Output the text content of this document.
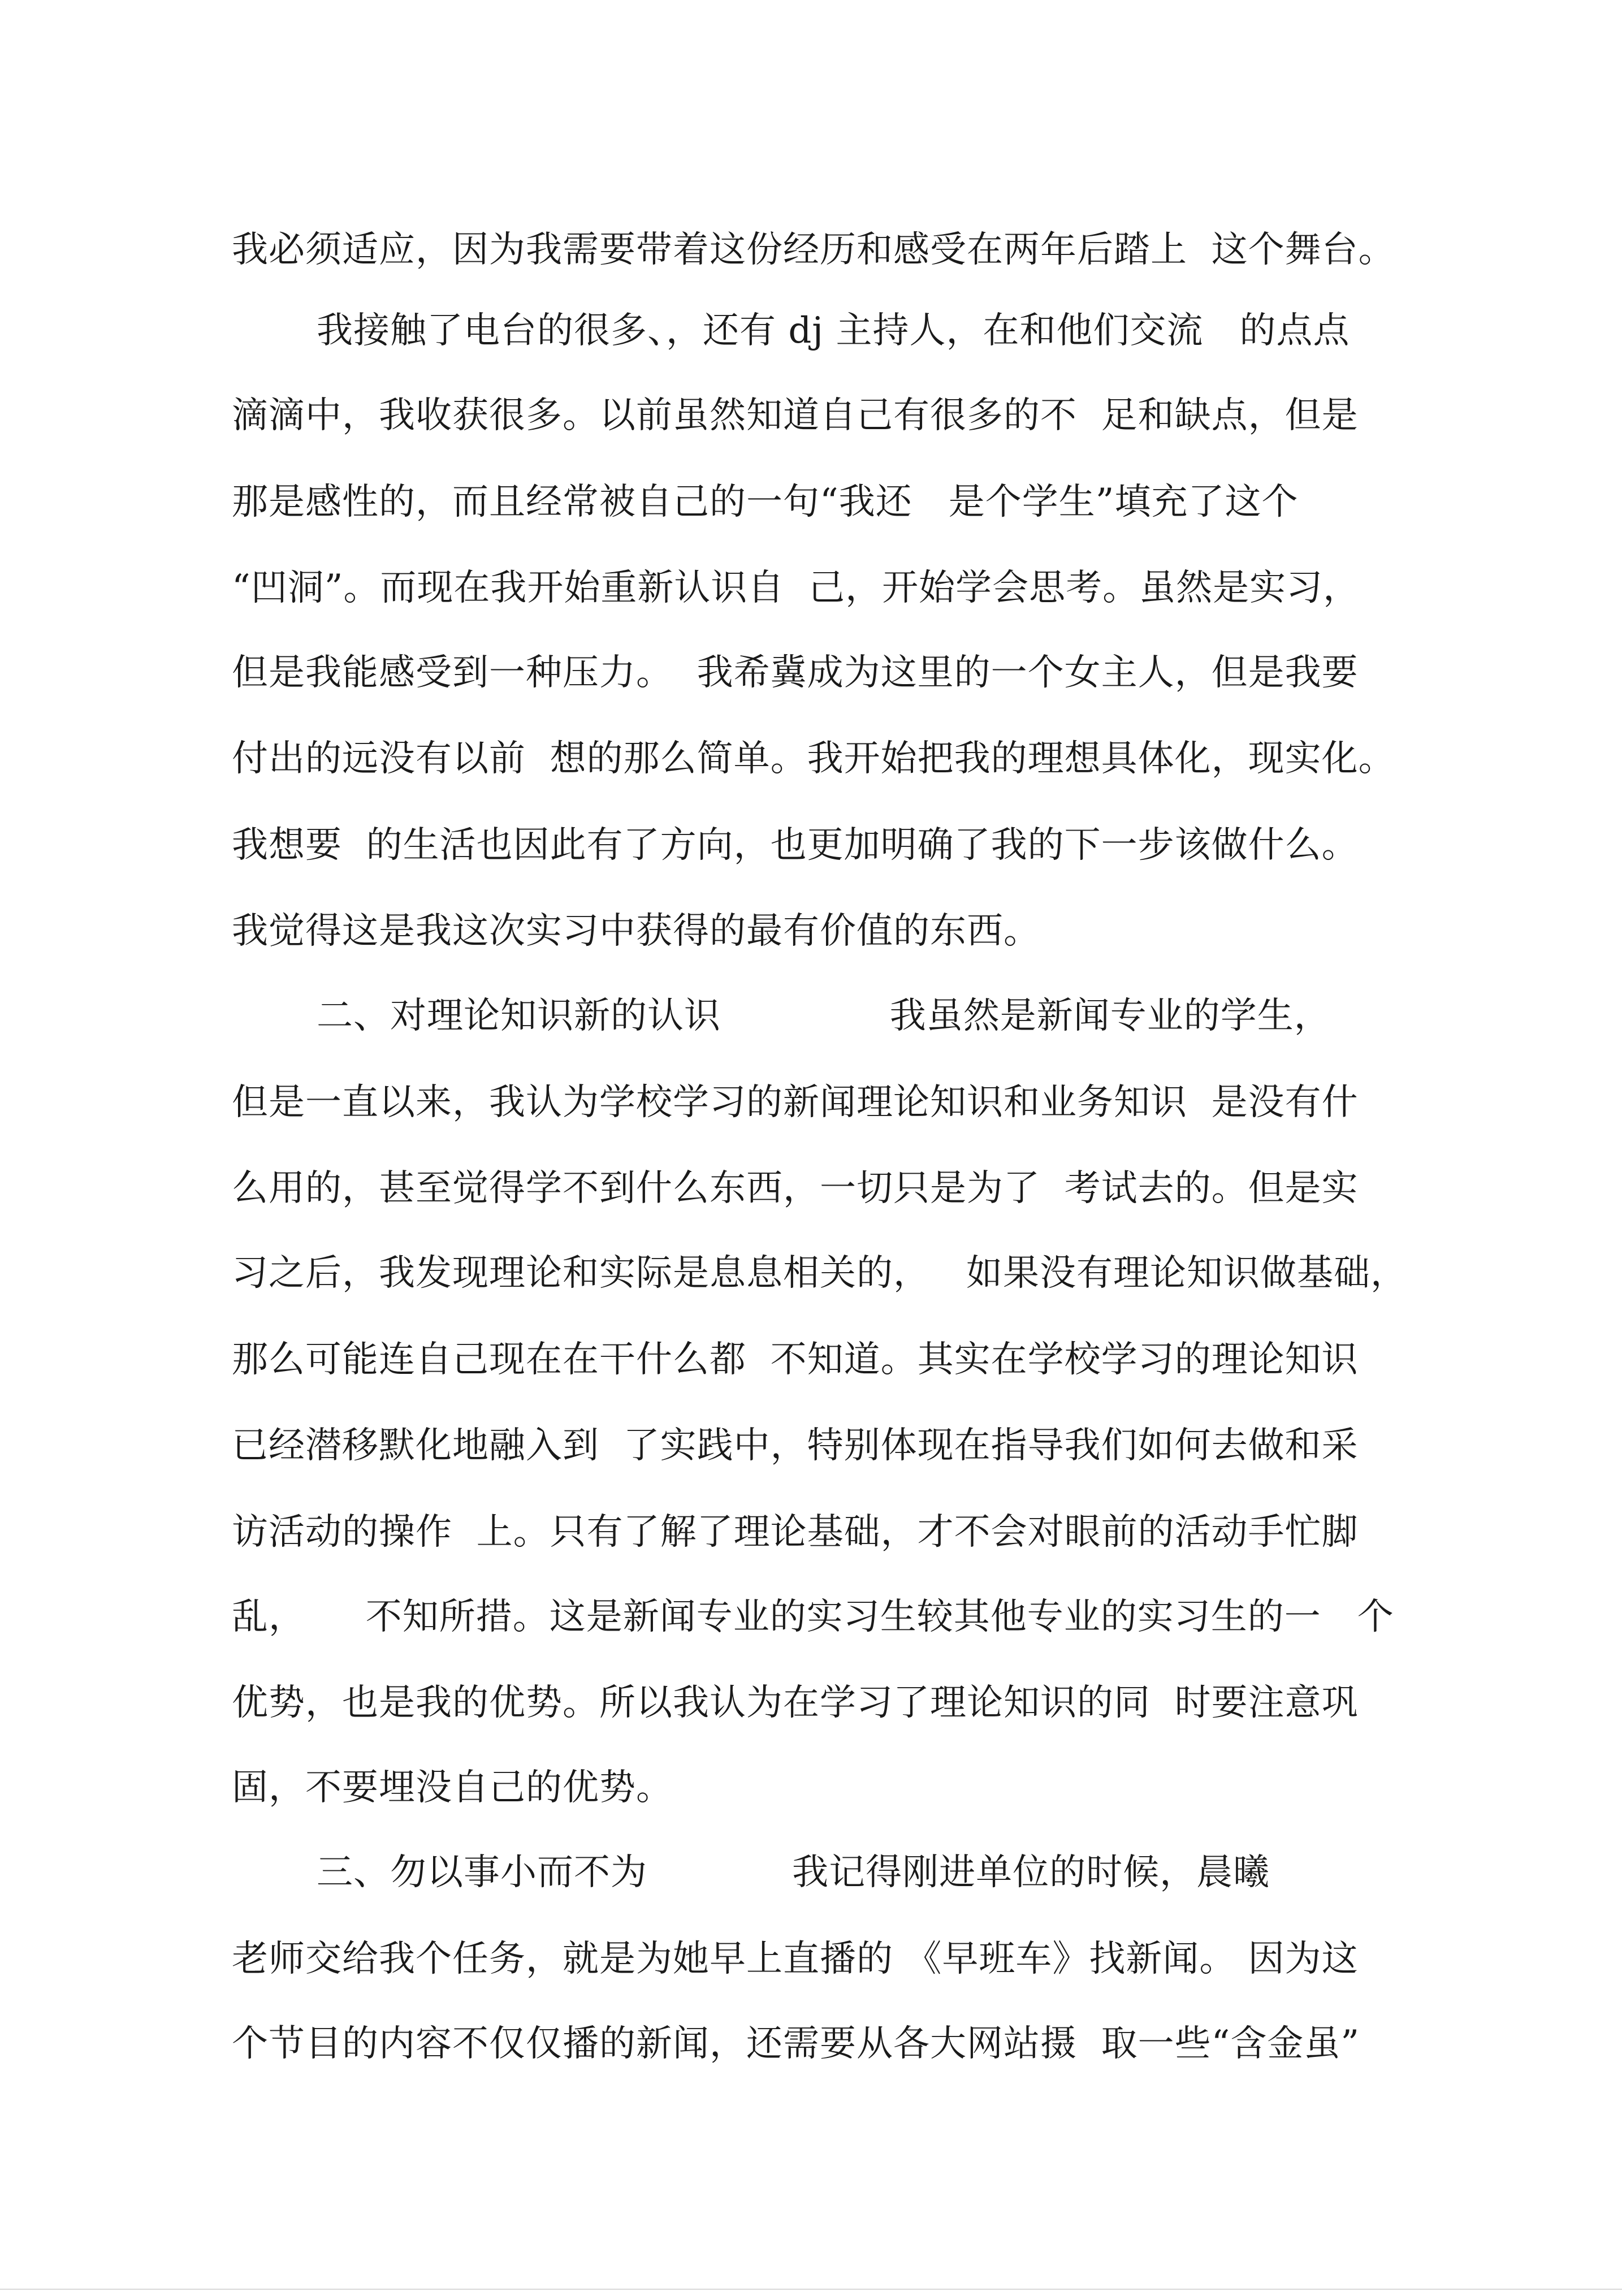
我必须适应，因为我需要带着这份经历和感受在两年后踏上  这个舞台。
我接触了电台的很多、，还有 dj 主持人，在和他们交流   的点点
滴滴中，我收获很多。以前虽然知道自己有很多的不  足和缺点，但是
那是感性的，而且经常被自己的一句“我还   是个学生”填充了这个
“凹洞”。而现在我开始重新认识自  己，开始学会思考。虽然是实习，
但是我能感受到一种压力。  我希冀成为这里的一个女主人，但是我要
付出的远没有以前  想的那么简单。我开始把我的理想具体化，现实化。
我想要  的生活也因此有了方向，也更加明确了我的下一步该做什么。
我觉得这是我这次实习中获得的最有价值的东西。
二、对理论知识新的认识              我虽然是新闻专业的学生，
但是一直以来，我认为学校学习的新闻理论知识和业务知识  是没有什
么用的，甚至觉得学不到什么东西，一切只是为了  考试去的。但是实
习之后，我发现理论和实际是息息相关的，   如果没有理论知识做基础，
那么可能连自己现在在干什么都  不知道。其实在学校学习的理论知识
已经潜移默化地融入到  了实践中，特别体现在指导我们如何去做和采
访活动的操作  上。只有了解了理论基础，才不会对眼前的活动手忙脚
乱，     不知所措。这是新闻专业的实习生较其他专业的实习生的一   个
优势，也是我的优势。所以我认为在学习了理论知识的同  时要注意巩
固，不要埋没自己的优势。
三、勿以事小而不为            我记得刚进单位的时候，晨曦
老师交给我个任务，就是为她早上直播的 《早班车》找新闻。 因为这
个节目的内容不仅仅播的新闻，还需要从各大网站摄  取一些“含金虽”
